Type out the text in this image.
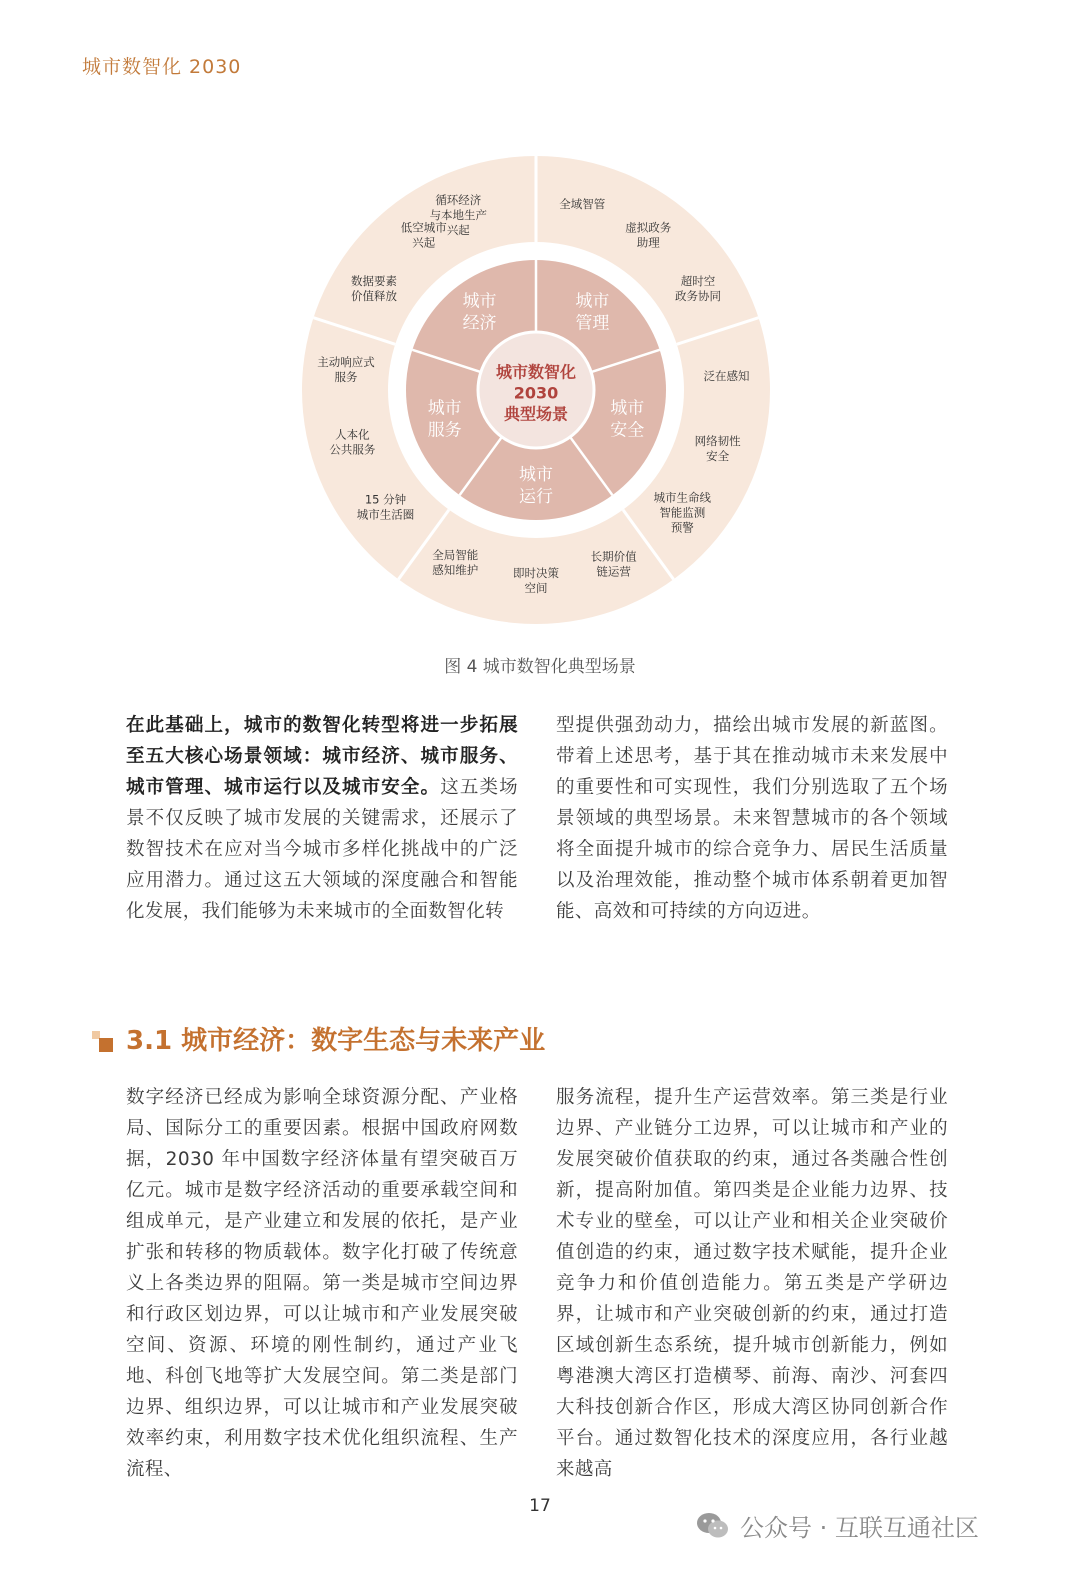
城市数智化 2030
循环经济与本地生产兴起
全域智管
虚拟政务助理
超时空政务协同
泛在感知
网络韧性安全
城市生命线智能监测预警
长期价值链运营
即时决策空间
全局智能感知维护
15 分钟城市生活圈
人本化公共服务
主动响应式服务
数据要素价值释放
低空城市兴起
城市经济
城市管理
城市安全
城市运行
城市服务
城市数智化 2030 典型场景
图 4 城市数智化典型场景
在此基础上，城市的数智化转型将进一步拓展至五大核心场景领域：城市经济、城市服务、城市管理、城市运行以及城市安全。这五类场景不仅反映了城市发展的关键需求，还展示了数智技术在应对当今城市多样化挑战中的广泛应用潜力。通过这五大领域的深度融合和智能化发展，我们能够为未来城市的全面数智化转
型提供强劲动力，描绘出城市发展的新蓝图。带着上述思考，基于其在推动城市未来发展中的重要性和可实现性，我们分别选取了五个场景领域的典型场景。未来智慧城市的各个领域将全面提升城市的综合竞争力、居民生活质量以及治理效能，推动整个城市体系朝着更加智能、高效和可持续的方向迈进。
3.1 城市经济：数字生态与未来产业
数字经济已经成为影响全球资源分配、产业格局、国际分工的重要因素。根据中国政府网数据，2030 年中国数字经济体量有望突破百万亿元。城市是数字经济活动的重要承载空间和组成单元，是产业建立和发展的依托，是产业扩张和转移的物质载体。数字化打破了传统意义上各类边界的阻隔。第一类是城市空间边界和行政区划边界，可以让城市和产业发展突破空间、资源、环境的刚性制约，通过产业飞地、科创飞地等扩大发展空间。第二类是部门边界、组织边界，可以让城市和产业发展突破效率约束，利用数字技术优化组织流程、生产流程、
服务流程，提升生产运营效率。第三类是行业边界、产业链分工边界，可以让城市和产业的发展突破价值获取的约束，通过各类融合性创新，提高附加值。第四类是企业能力边界、技术专业的壁垒，可以让产业和相关企业突破价值创造的约束，通过数字技术赋能，提升企业竞争力和价值创造能力。第五类是产学研边界，让城市和产业突破创新的约束，通过打造区域创新生态系统，提升城市创新能力，例如粤港澳大湾区打造横琴、前海、南沙、河套四大科技创新合作区，形成大湾区协同创新合作平台。通过数智化技术的深度应用，各行业越来越高
17
公众号 · 互联互通社区
